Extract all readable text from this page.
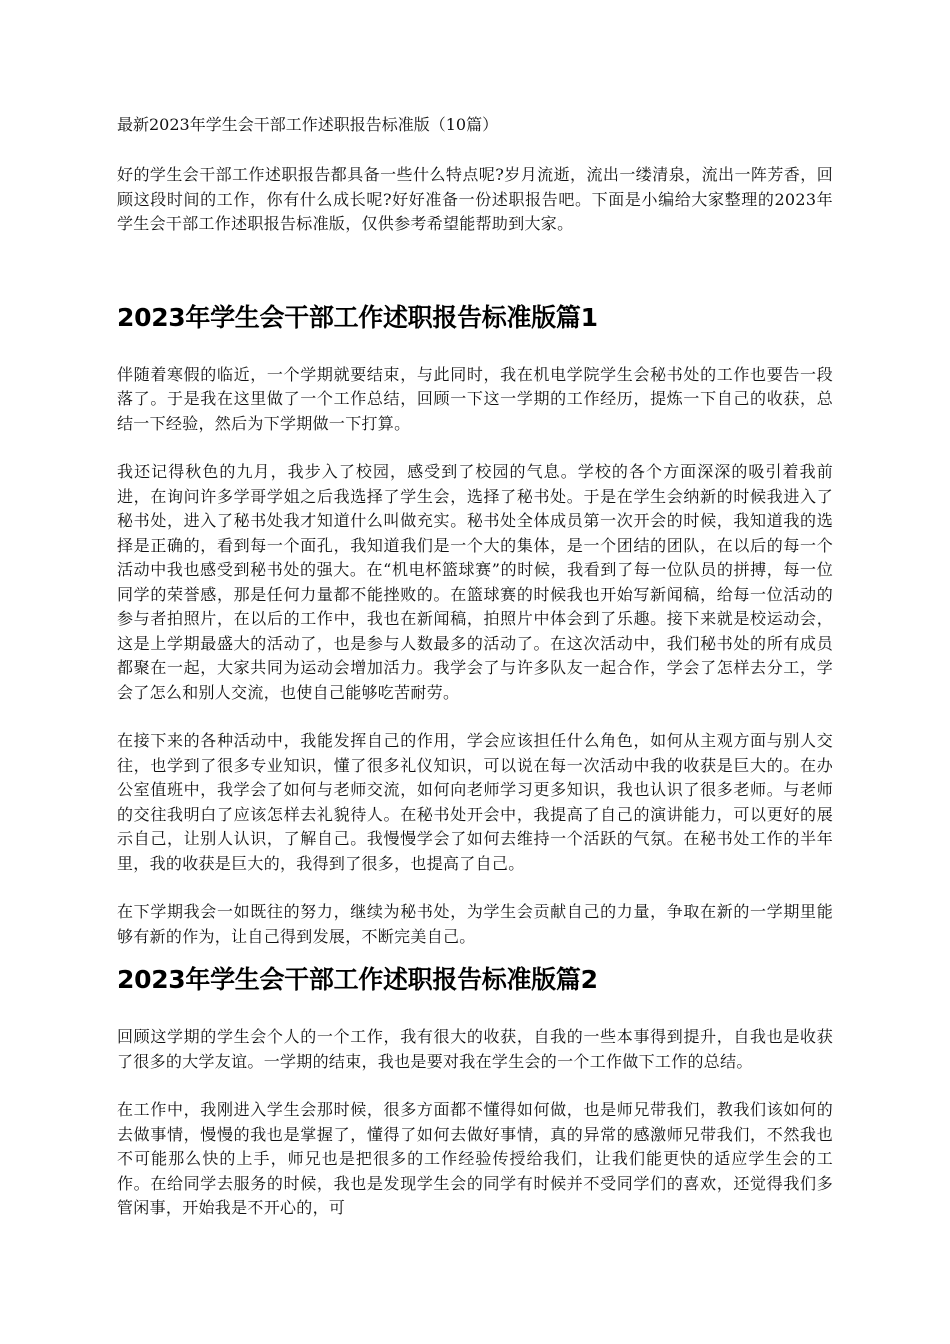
最新2023年学生会干部工作述职报告标准版（10篇）

好的学生会干部工作述职报告都具备一些什么特点呢?岁月流逝，流出一缕清泉，流出一阵芳香，回顾这段时间的工作，你有什么成长呢?好好准备一份述职报告吧。下面是小编给大家整理的2023年学生会干部工作述职报告标准版，仅供参考希望能帮助到大家。

2023年学生会干部工作述职报告标准版篇1

伴随着寒假的临近，一个学期就要结束，与此同时，我在机电学院学生会秘书处的工作也要告一段落了。于是我在这里做了一个工作总结，回顾一下这一学期的工作经历，提炼一下自己的收获，总结一下经验，然后为下学期做一下打算。

我还记得秋色的九月，我步入了校园，感受到了校园的气息。学校的各个方面深深的吸引着我前进，在询问许多学哥学姐之后我选择了学生会，选择了秘书处。于是在学生会纳新的时候我进入了秘书处，进入了秘书处我才知道什么叫做充实。秘书处全体成员第一次开会的时候，我知道我的选择是正确的，看到每一个面孔，我知道我们是一个大的集体，是一个团结的团队，在以后的每一个活动中我也感受到秘书处的强大。在“机电杯篮球赛”的时候，我看到了每一位队员的拼搏，每一位同学的荣誉感，那是任何力量都不能挫败的。在篮球赛的时候我也开始写新闻稿，给每一位活动的参与者拍照片，在以后的工作中，我也在新闻稿，拍照片中体会到了乐趣。接下来就是校运动会，这是上学期最盛大的活动了，也是参与人数最多的活动了。在这次活动中，我们秘书处的所有成员都聚在一起，大家共同为运动会增加活力。我学会了与许多队友一起合作，学会了怎样去分工，学会了怎么和别人交流，也使自己能够吃苦耐劳。

在接下来的各种活动中，我能发挥自己的作用，学会应该担任什么角色，如何从主观方面与别人交往，也学到了很多专业知识，懂了很多礼仪知识，可以说在每一次活动中我的收获是巨大的。在办公室值班中，我学会了如何与老师交流，如何向老师学习更多知识，我也认识了很多老师。与老师的交往我明白了应该怎样去礼貌待人。在秘书处开会中，我提高了自己的演讲能力，可以更好的展示自己，让别人认识，了解自己。我慢慢学会了如何去维持一个活跃的气氛。在秘书处工作的半年里，我的收获是巨大的，我得到了很多，也提高了自己。

在下学期我会一如既往的努力，继续为秘书处，为学生会贡献自己的力量，争取在新的一学期里能够有新的作为，让自己得到发展，不断完美自己。

2023年学生会干部工作述职报告标准版篇2

回顾这学期的学生会个人的一个工作，我有很大的收获，自我的一些本事得到提升，自我也是收获了很多的大学友谊。一学期的结束，我也是要对我在学生会的一个工作做下工作的总结。

在工作中，我刚进入学生会那时候，很多方面都不懂得如何做，也是师兄带我们，教我们该如何的去做事情，慢慢的我也是掌握了，懂得了如何去做好事情，真的异常的感激师兄带我们，不然我也不可能那么快的上手，师兄也是把很多的工作经验传授给我们，让我们能更快的适应学生会的工作。在给同学去服务的时候，我也是发现学生会的同学有时候并不受同学们的喜欢，还觉得我们多管闲事，开始我是不开心的，可
